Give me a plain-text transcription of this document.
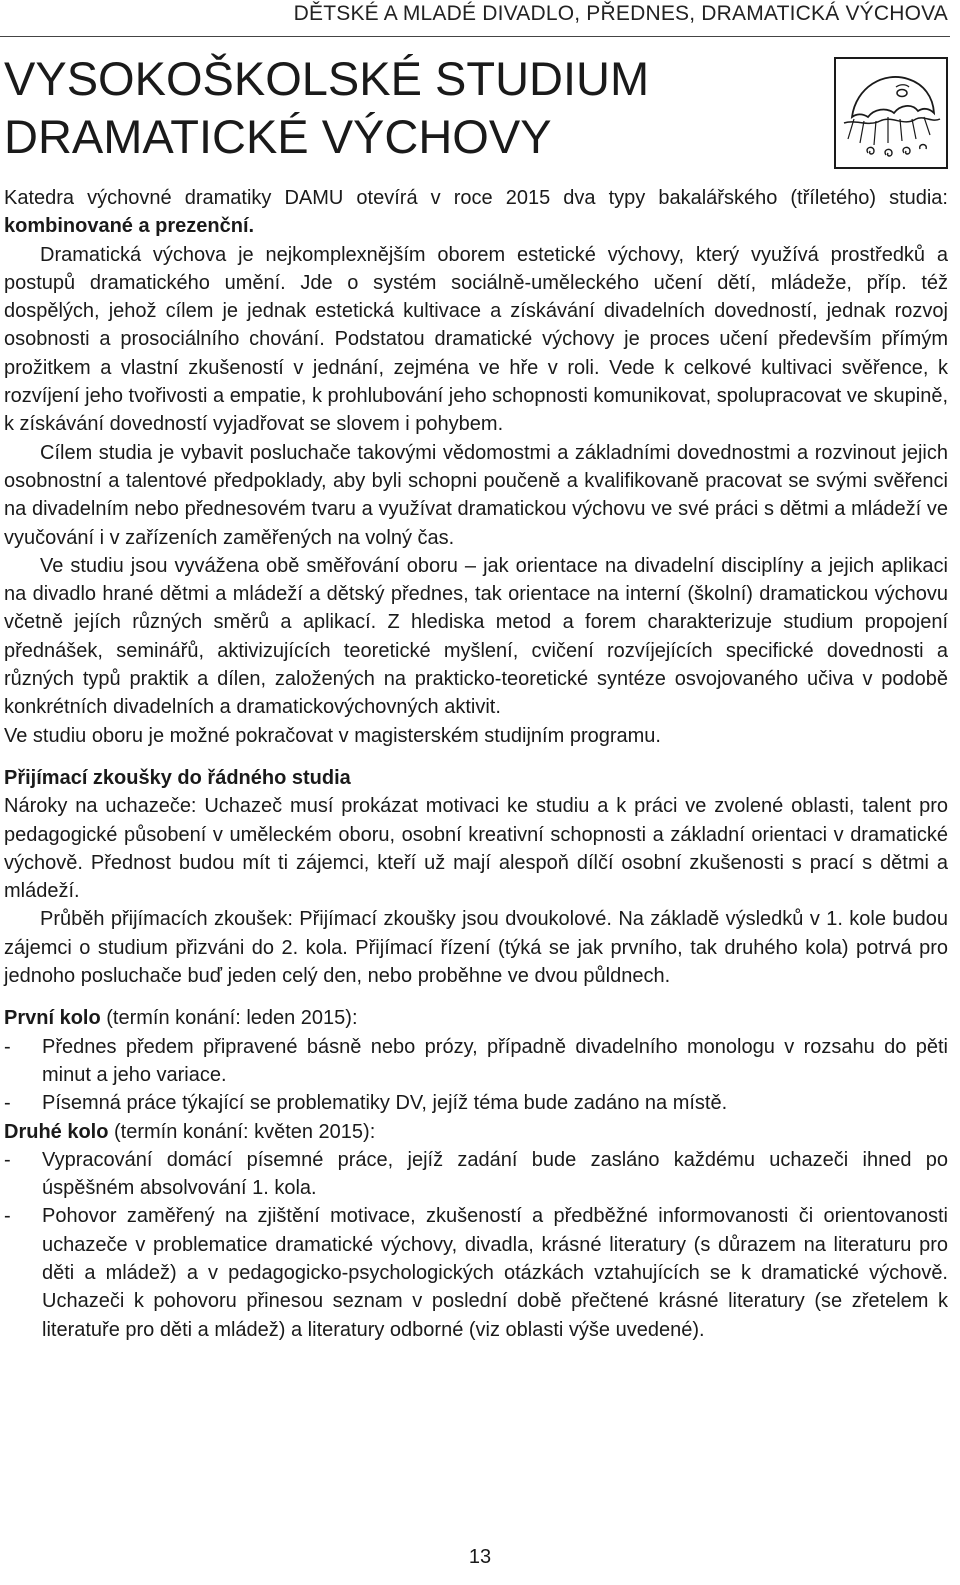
DĚTSKÉ A MLADÉ DIVADLO, PŘEDNES, DRAMATICKÁ VÝCHOVA
VYSOKOŠKOLSKÉ STUDIUM
DRAMATICKÉ VÝCHOVY

Katedra výchovné dramatiky DAMU otevírá v roce 2015 dva typy bakalářského (tříletého) studia: kombinované a prezenční.

Dramatická výchova je nejkomplexnějším oborem estetické výchovy, který využívá prostředků a postupů dramatického umění. Jde o systém sociálně-uměleckého učení dětí, mládeže, příp. též dospělých, jehož cílem je jednak estetická kultivace a získávání divadelních dovedností, jednak rozvoj osobnosti a prosociálního chování. Podstatou dramatické výchovy je proces učení především přímým prožitkem a vlastní zkušeností v jednání, zejména ve hře v roli. Vede k celkové kultivaci svěřence, k rozvíjení jeho tvořivosti a empatie, k prohlubování jeho schopnosti komunikovat, spolupracovat ve skupině, k získávání dovedností vyjadřovat se slovem i pohybem.

Cílem studia je vybavit posluchače takovými vědomostmi a základními dovednostmi a rozvinout jejich osobnostní a talentové předpoklady, aby byli schopni poučeně a kvalifikovaně pracovat se svými svěřenci na divadelním nebo přednesovém tvaru a využívat dramatickou výchovu ve své práci s dětmi a mládeží ve vyučování i v zařízeních zaměřených na volný čas.

Ve studiu jsou vyvážena obě směřování oboru – jak orientace na divadelní disciplíny a jejich aplikaci na divadlo hrané dětmi a mládeží a dětský přednes, tak orientace na interní (školní) dramatickou výchovu včetně jejích různých směrů a aplikací. Z hlediska metod a forem charakterizuje studium propojení přednášek, seminářů, aktivizujících teoretické myšlení, cvičení rozvíjejících specifické dovednosti a různých typů praktik a dílen, založených na prakticko-teoretické syntéze osvojovaného učiva v podobě konkrétních divadelních a dramatickovýchovných aktivit.

Ve studiu oboru je možné pokračovat v magisterském studijním programu.

Přijímací zkoušky do řádného studia

Nároky na uchazeče: Uchazeč musí prokázat motivaci ke studiu a k práci ve zvolené oblasti, talent pro pedagogické působení v uměleckém oboru, osobní kreativní schopnosti a základní orientaci v dramatické výchově. Přednost budou mít ti zájemci, kteří už mají alespoň dílčí osobní zkušenosti s prací s dětmi a mládeží.

Průběh přijímacích zkoušek: Přijímací zkoušky jsou dvoukolové. Na základě výsledků v 1. kole budou zájemci o studium přizváni do 2. kola. Přijímací řízení (týká se jak prvního, tak druhého kola) potrvá pro jednoho posluchače buď jeden celý den, nebo proběhne ve dvou půldnech.

První kolo (termín konání: leden 2015):

- Přednes předem připravené básně nebo prózy, případně divadelního monologu v rozsahu do pěti minut a jeho variace.
- Písemná práce týkající se problematiky DV, jejíž téma bude zadáno na místě.

Druhé kolo (termín konání: květen 2015):

- Vypracování domácí písemné práce, jejíž zadání bude zasláno každému uchazeči ihned po úspěšném absolvování 1. kola.
- Pohovor zaměřený na zjištění motivace, zkušeností a předběžné informovanosti či orientovanosti uchazeče v problematice dramatické výchovy, divadla, krásné literatury (s důrazem na literaturu pro děti a mládež) a v pedagogicko-psychologických otázkách vztahujících se k dramatické výchově. Uchazeči k pohovoru přinesou seznam v poslední době přečtené krásné literatury (se zřetelem k literatuře pro děti a mládež) a literatury odborné (viz oblasti výše uvedené).
13
